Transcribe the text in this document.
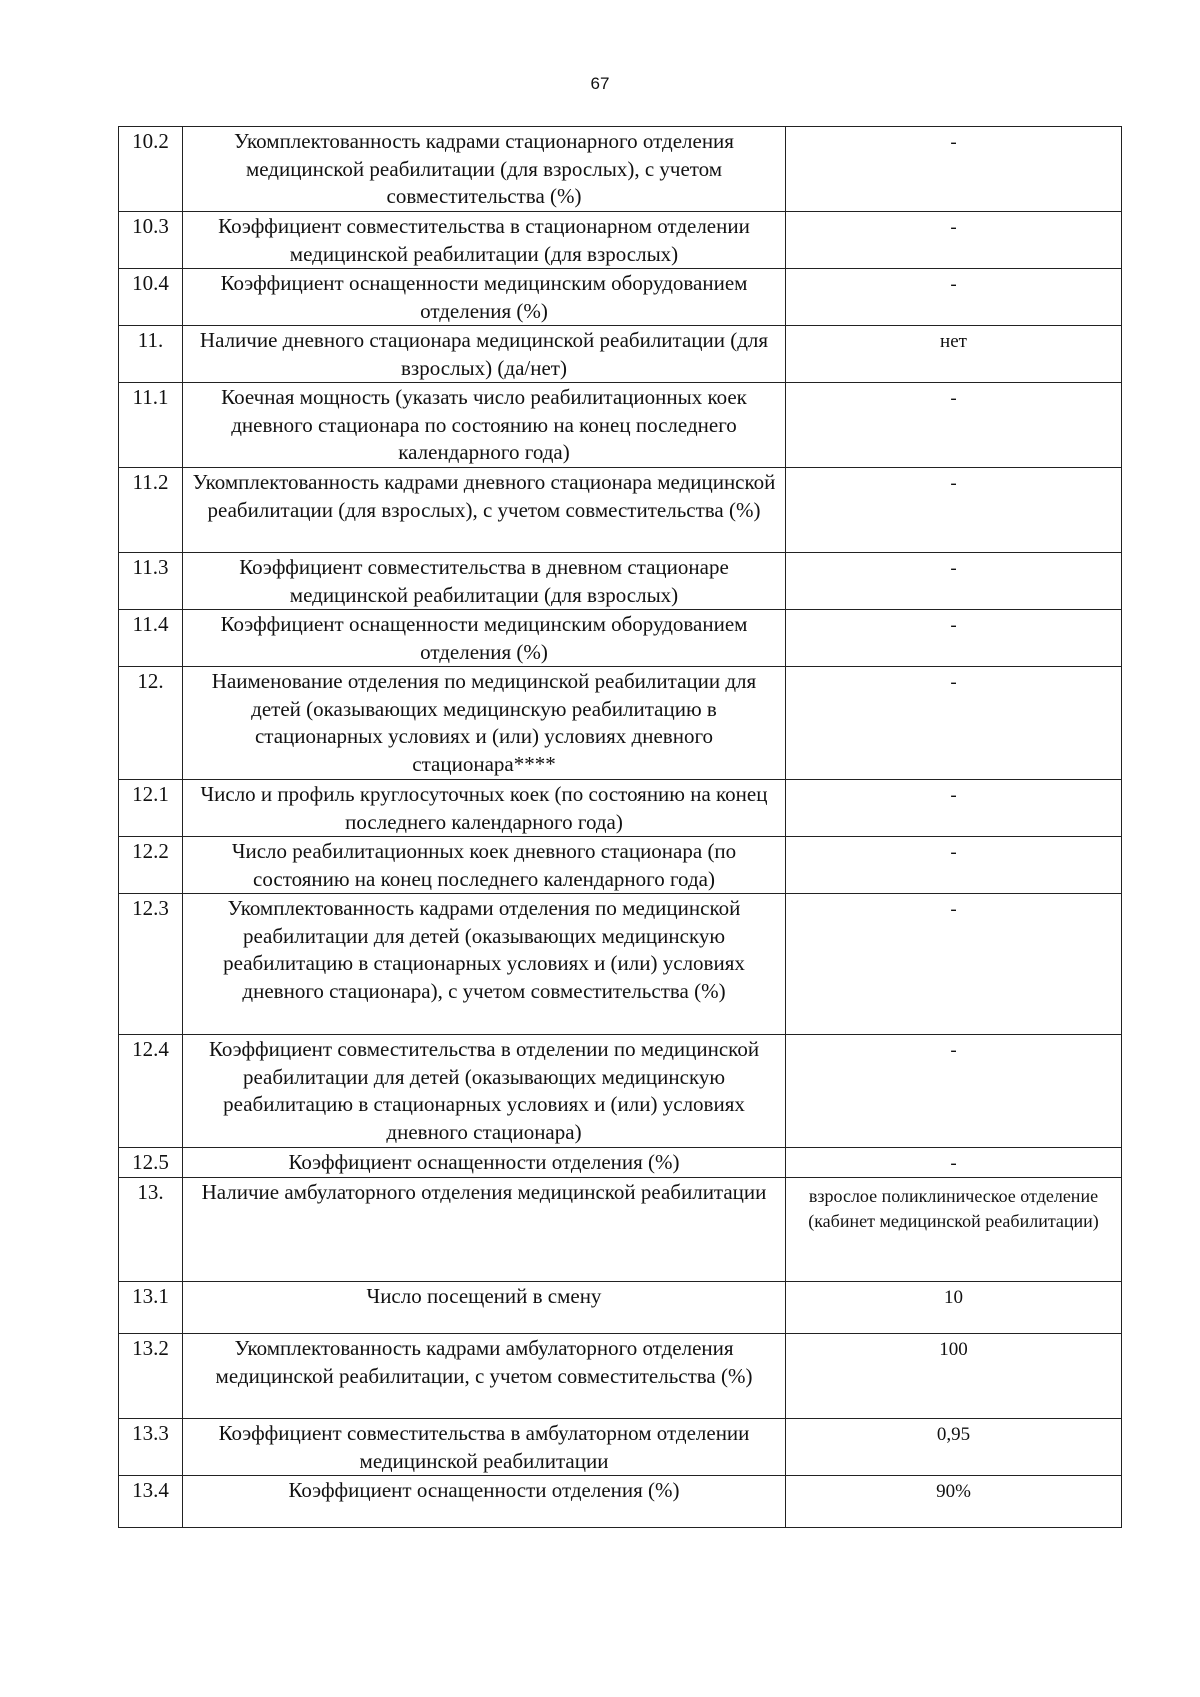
67
10.2	Укомплектованность кадрами стационарного отделения медицинской реабилитации (для взрослых), с учетом совместительства (%)	-
10.3	Коэффициент совместительства в стационарном отделении медицинской реабилитации (для взрослых)	-
10.4	Коэффициент оснащенности медицинским оборудованием отделения (%)	-
11.	Наличие дневного стационара медицинской реабилитации (для взрослых) (да/нет)	нет
11.1	Коечная мощность (указать число реабилитационных коек дневного стационара по состоянию на конец последнего календарного года)	-
11.2	Укомплектованность кадрами дневного стационара медицинской реабилитации (для взрослых), с учетом совместительства (%)	-
11.3	Коэффициент совместительства в дневном стационаре медицинской реабилитации (для взрослых)	-
11.4	Коэффициент оснащенности медицинским оборудованием отделения (%)	-
12.	Наименование отделения по медицинской реабилитации для детей (оказывающих медицинскую реабилитацию в стационарных условиях и (или) условиях дневного стационара****	-
12.1	Число и профиль круглосуточных коек (по состоянию на конец последнего календарного года)	-
12.2	Число реабилитационных коек дневного стационара (по состоянию на конец последнего календарного года)	-
12.3	Укомплектованность кадрами отделения по медицинской реабилитации для детей (оказывающих медицинскую реабилитацию в стационарных условиях и (или) условиях дневного стационара), с учетом совместительства (%)	-
12.4	Коэффициент совместительства в отделении по медицинской реабилитации для детей (оказывающих медицинскую реабилитацию в стационарных условиях и (или) условиях дневного стационара)	-
12.5	Коэффициент оснащенности отделения (%)	-
13.	Наличие амбулаторного отделения медицинской реабилитации	взрослое поликлиническое отделение (кабинет медицинской реабилитации)
13.1	Число посещений в смену	10
13.2	Укомплектованность кадрами амбулаторного отделения медицинской реабилитации, с учетом совместительства (%)	100
13.3	Коэффициент совместительства в амбулаторном отделении медицинской реабилитации	0,95
13.4	Коэффициент оснащенности отделения (%)	90%
